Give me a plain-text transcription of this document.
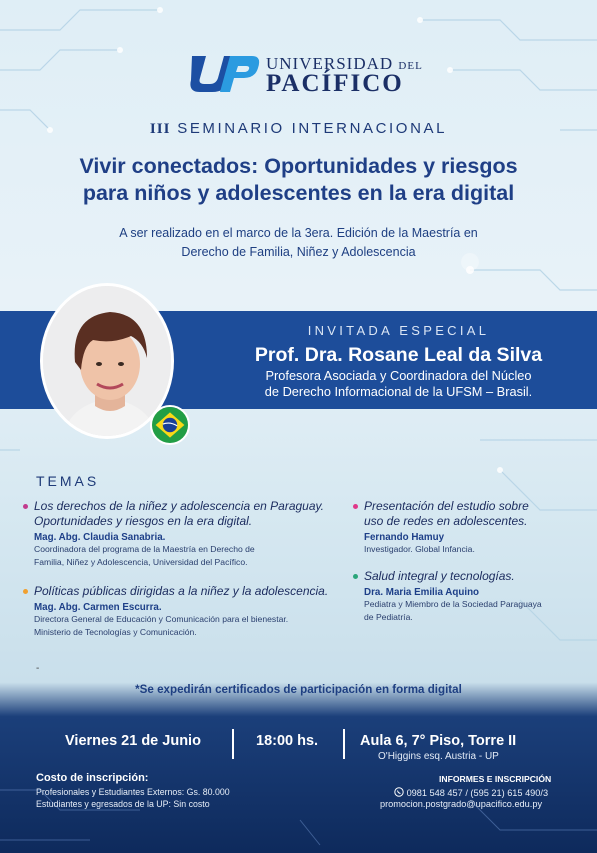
UNIVERSIDAD DEL
PACÍFICO
III SEMINARIO INTERNACIONAL
Vivir conectados: Oportunidades y riesgos
para niños y adolescentes en la era digital
A ser realizado en el marco de la 3era. Edición de la Maestría en
Derecho de Familia, Niñez y Adolescencia
INVITADA ESPECIAL
Prof. Dra. Rosane Leal da Silva
Profesora Asociada y Coordinadora del Núcleo
de Derecho Informacional de la UFSM – Brasil.
TEMAS
Los derechos de la niñez y adolescencia en Paraguay.
Oportunidades y riesgos en la era digital.
Mag. Abg. Claudia Sanabria.
Coordinadora del programa de la Maestría en Derecho de
Familia, Niñez y Adolescencia, Universidad del Pacífico.
Políticas públicas dirigidas a la niñez y la adolescencia.
Mag. Abg. Carmen Escurra.
Directora General de Educación y Comunicación para el bienestar.
Ministerio de Tecnologías y Comunicación.
Presentación del estudio sobre
uso de redes en adolescentes.
Fernando Hamuy
Investigador. Global Infancia.
Salud integral y tecnologías.
Dra. Maria Emilia Aquino
Pediatra y Miembro de la Sociedad Paraguaya
de Pediatría.
-
*Se expedirán certificados de participación en forma digital
Viernes 21 de Junio	18:00 hs.	Aula 6, 7° Piso, Torre II
O'Higgins esq. Austria - UP
Costo de inscripción:
Profesionales y Estudiantes Externos: Gs. 80.000
Estudiantes y egresados de la UP: Sin costo
INFORMES E INSCRIPCIÓN
0981 548 457 / (595 21) 615 490/3
promocion.postgrado@upacifico.edu.py
